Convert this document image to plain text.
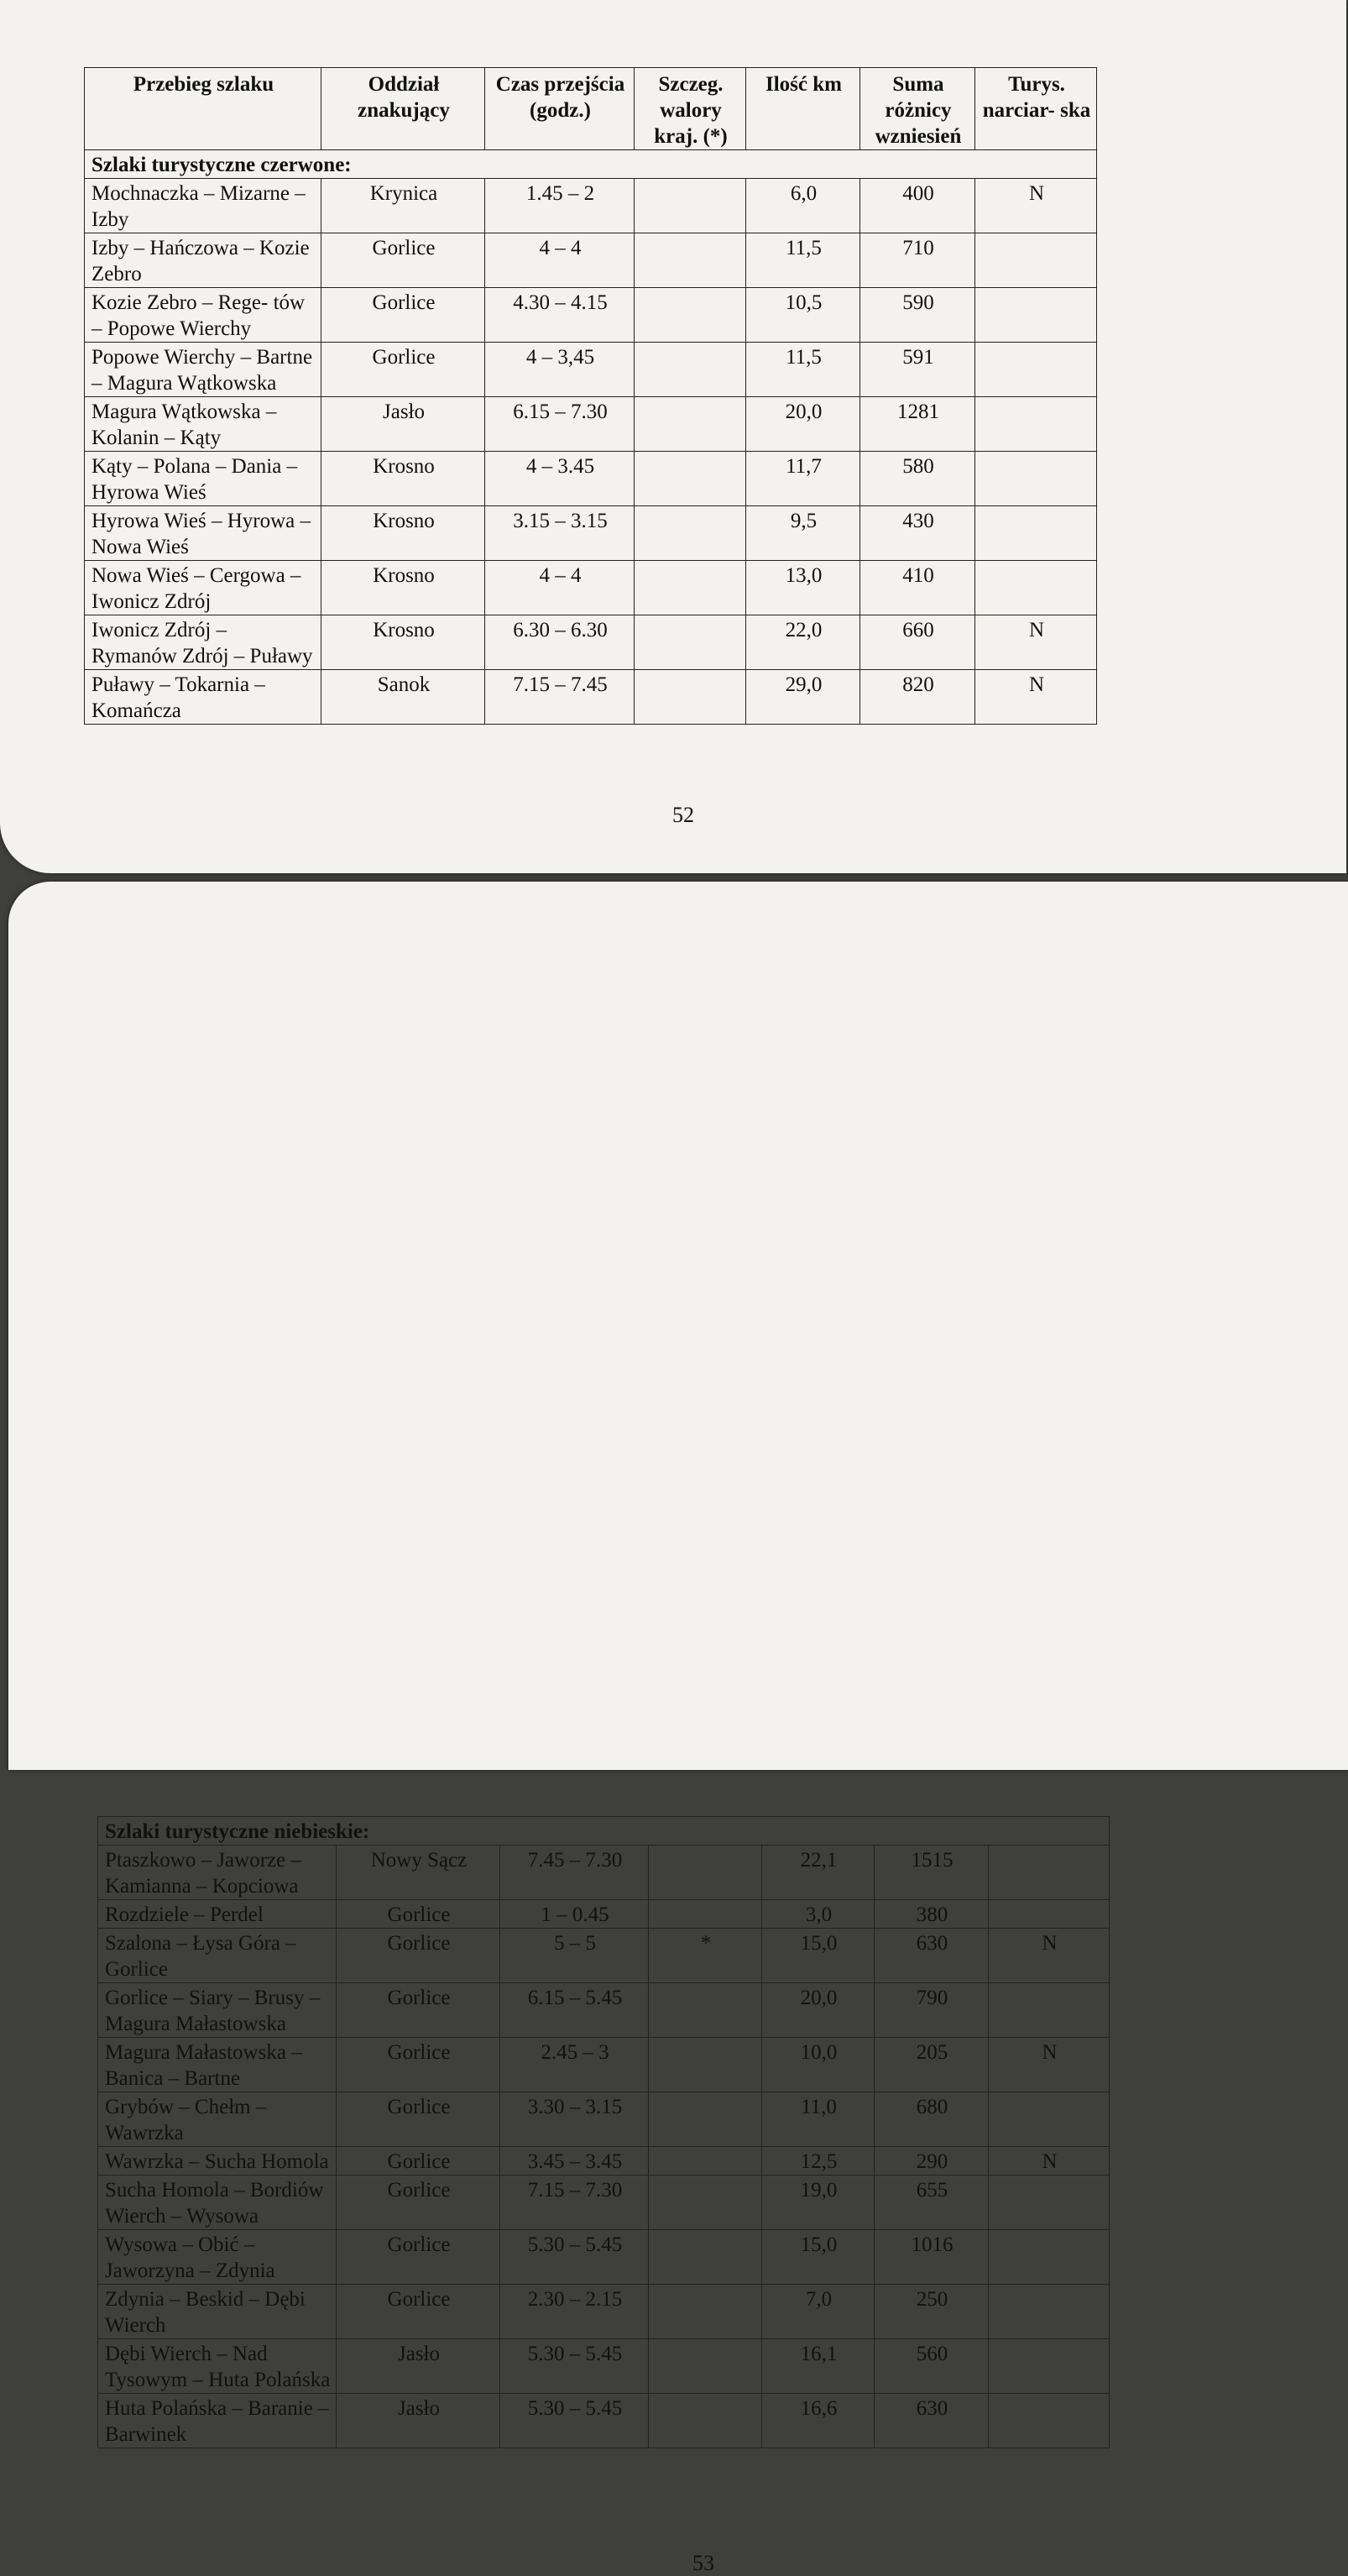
Przebieg szlaku	Oddział znakujący	Czas przejścia (godz.)	Szczeg. walory kraj. (*)	Ilość km	Suma różnicy wzniesień	Turys. narciar- ska
Szlaki turystyczne czerwone:						
Mochnaczka – Mizarne – Izby	Krynica	1.45 – 2		6,0	400	N
Izby – Hańczowa – Kozie Zebro	Gorlice	4 – 4		11,5	710	
Kozie Zebro – Rege- tów – Popowe Wierchy	Gorlice	4.30 – 4.15		10,5	590	
Popowe Wierchy – Bartne – Magura Wątkowska	Gorlice	4 – 3,45		11,5	591	
Magura Wątkowska – Kolanin – Kąty	Jasło	6.15 – 7.30		20,0	1281	
Kąty – Polana – Dania – Hyrowa Wieś	Krosno	4 – 3.45		11,7	580	
Hyrowa Wieś – Hyrowa – Nowa Wieś	Krosno	3.15 – 3.15		9,5	430	
Nowa Wieś – Cergowa – Iwonicz Zdrój	Krosno	4 – 4		13,0	410	
Iwonicz Zdrój – Rymanów Zdrój – Puławy	Krosno	6.30 – 6.30		22,0	660	N
Puławy – Tokarnia – Komańcza	Sanok	7.15 – 7.45		29,0	820	N
52
Szlaki turystyczne niebieskie:						
Ptaszkowo – Jaworze – Kamianna – Kopciowa	Nowy Sącz	7.45 – 7.30		22,1	1515	
Rozdziele – Perdel	Gorlice	1 – 0.45		3,0	380	
Szalona – Łysa Góra – Gorlice	Gorlice	5 – 5	*	15,0	630	N
Gorlice – Siary – Brusy – Magura Małastowska	Gorlice	6.15 – 5.45		20,0	790	
Magura Małastowska – Banica – Bartne	Gorlice	2.45 – 3		10,0	205	N
Grybów – Chełm – Wawrzka	Gorlice	3.30 – 3.15		11,0	680	
Wawrzka – Sucha Homola	Gorlice	3.45 – 3.45		12,5	290	N
Sucha Homola – Bordiów Wierch – Wysowa	Gorlice	7.15 – 7.30		19,0	655	
Wysowa – Obić – Jaworzyna – Zdynia	Gorlice	5.30 – 5.45		15,0	1016	
Zdynia – Beskid – Dębi Wierch	Gorlice	2.30 – 2.15		7,0	250	
Dębi Wierch – Nad Tysowym – Huta Polańska	Jasło	5.30 – 5.45		16,1	560	
Huta Polańska – Baranie – Barwinek	Jasło	5.30 – 5.45		16,6	630	
53
